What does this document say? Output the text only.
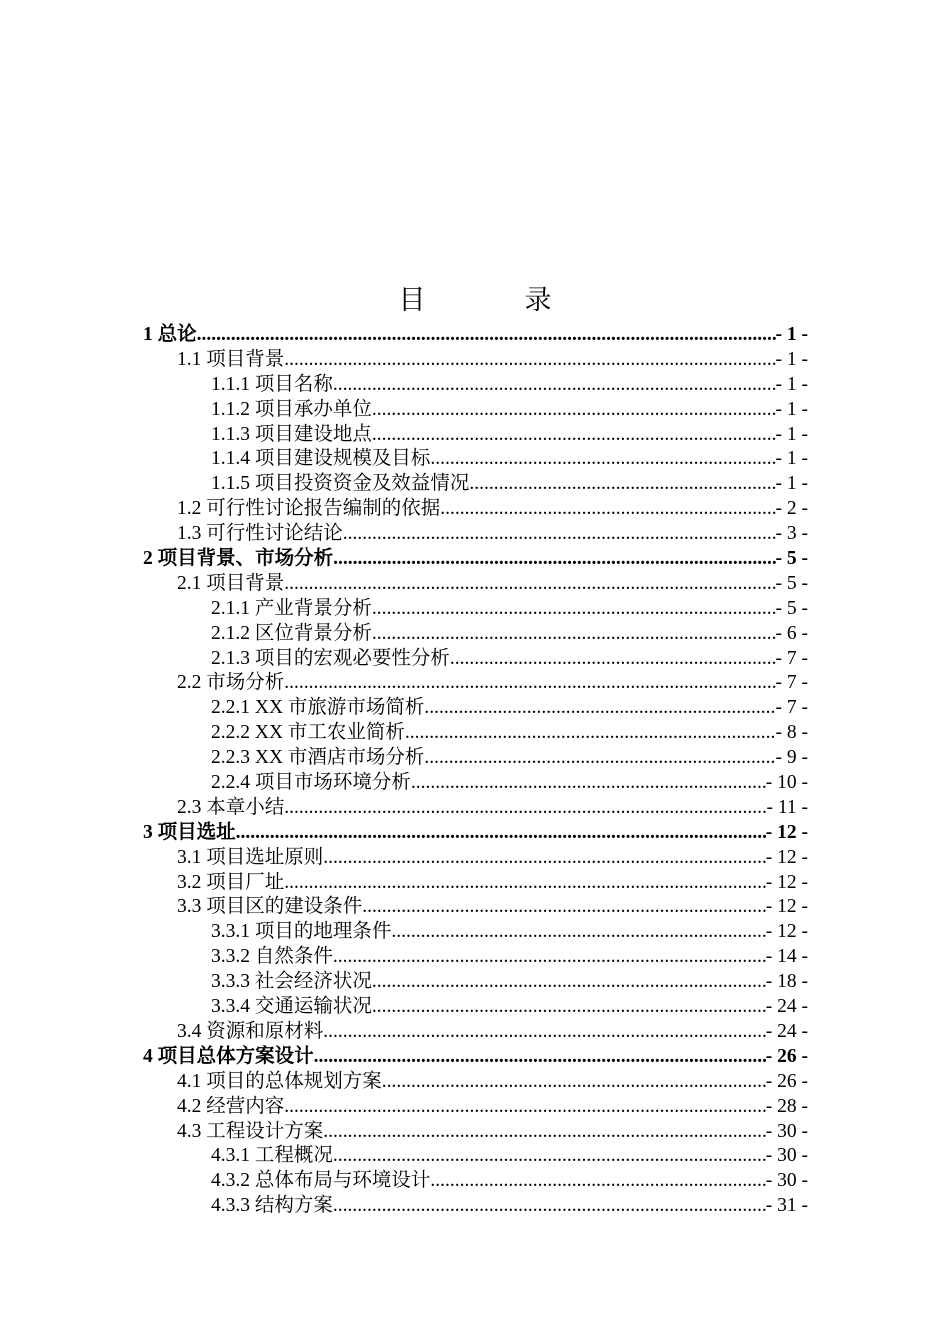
目　录
1 总论 .....	- 1 -
1.1 项目背景 .....	- 1 -
1.1.1 项目名称 .....	- 1 -
1.1.2 项目承办单位 .....	- 1 -
1.1.3 项目建设地点 .....	- 1 -
1.1.4 项目建设规模及目标 .....	- 1 -
1.1.5 项目投资资金及效益情况 .....	- 1 -
1.2 可行性讨论报告编制的依据 .....	- 2 -
1.3 可行性讨论结论 .....	- 3 -
2 项目背景、市场分析 .....	- 5 -
2.1 项目背景 .....	- 5 -
2.1.1 产业背景分析 .....	- 5 -
2.1.2 区位背景分析 .....	- 6 -
2.1.3 项目的宏观必要性分析 .....	- 7 -
2.2 市场分析 .....	- 7 -
2.2.1 XX 市旅游市场简析 .....	- 7 -
2.2.2 XX 市工农业简析 .....	- 8 -
2.2.3 XX 市酒店市场分析 .....	- 9 -
2.2.4 项目市场环境分析 .....	- 10 -
2.3 本章小结 .....	- 11 -
3 项目选址 .....	- 12 -
3.1 项目选址原则 .....	- 12 -
3.2 项目厂址 .....	- 12 -
3.3 项目区的建设条件 .....	- 12 -
3.3.1 项目的地理条件 .....	- 12 -
3.3.2 自然条件 .....	- 14 -
3.3.3 社会经济状况 .....	- 18 -
3.3.4 交通运输状况 .....	- 24 -
3.4 资源和原材料 .....	- 24 -
4 项目总体方案设计 .....	- 26 -
4.1 项目的总体规划方案 .....	- 26 -
4.2 经营内容 .....	- 28 -
4.3 工程设计方案 .....	- 30 -
4.3.1 工程概况 .....	- 30 -
4.3.2 总体布局与环境设计 .....	- 30 -
4.3.3 结构方案 .....	- 31 -
